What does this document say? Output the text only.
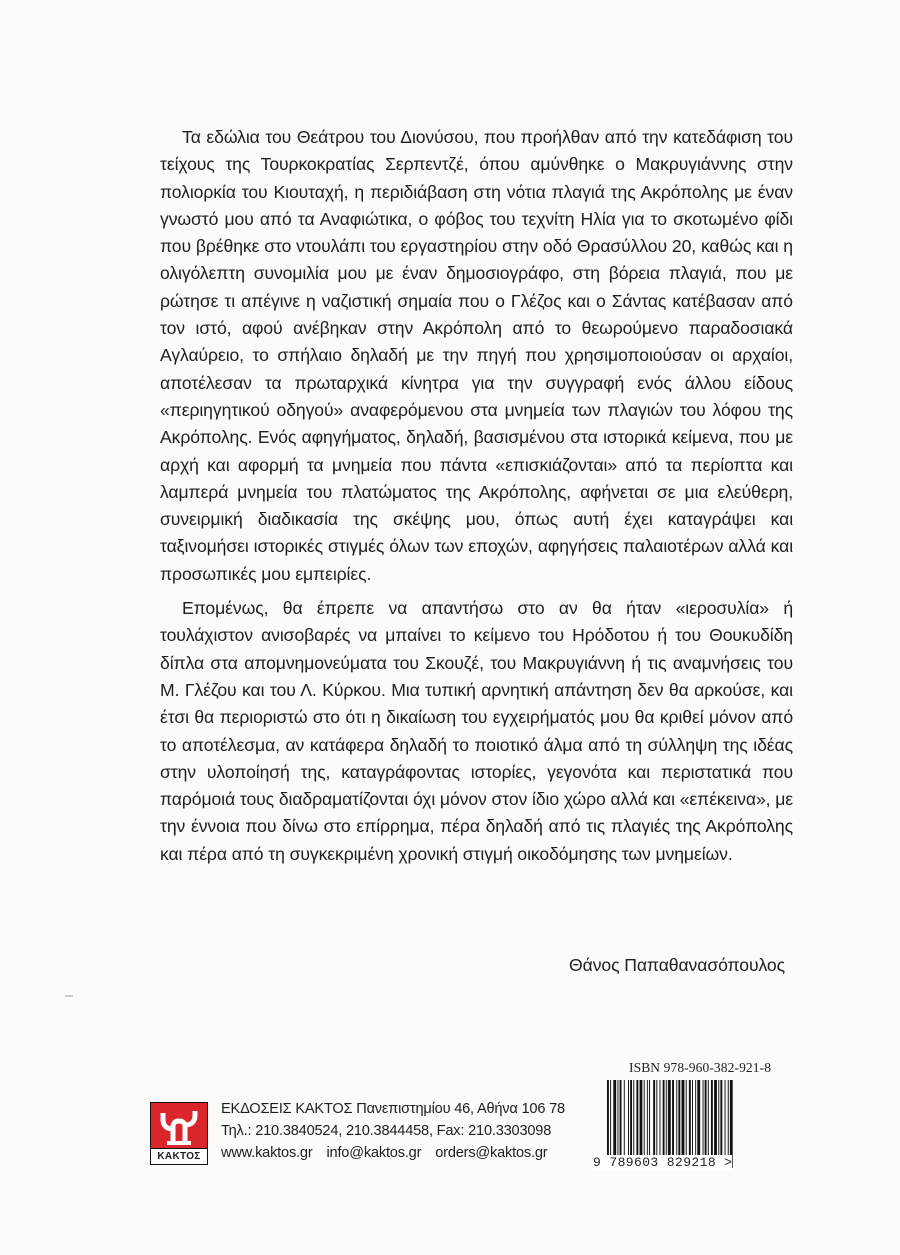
Τα εδώλια του Θεάτρου του Διονύσου, που προήλθαν από την κατεδάφιση του τείχους της Τουρκοκρατίας Σερπεντζέ, όπου αμύνθηκε ο Μακρυγιάννης στην πολιορκία του Κιουταχή, η περιδιάβαση στη νότια πλαγιά της Ακρόπολης με έναν γνωστό μου από τα Αναφιώτικα, ο φόβος του τεχνίτη Ηλία για το σκοτωμένο φίδι που βρέθηκε στο ντουλάπι του εργαστηρίου στην οδό Θρασύλλου 20, καθώς και η ολιγόλεπτη συνομιλία μου με έναν δημοσιογράφο, στη βόρεια πλαγιά, που με ρώτησε τι απέγινε η ναζιστική σημαία που ο Γλέζος και ο Σάντας κατέβασαν από τον ιστό, αφού ανέβηκαν στην Ακρόπολη από το θεωρούμενο παραδοσιακά Αγλαύρειο, το σπήλαιο δηλαδή με την πηγή που χρησιμοποιούσαν οι αρχαίοι, αποτέλεσαν τα πρωταρχικά κίνητρα για την συγγραφή ενός άλλου είδους «περιηγητικού οδηγού» αναφερόμενου στα μνημεία των πλαγιών του λόφου της Ακρόπολης. Ενός αφηγήματος, δηλαδή, βασισμένου στα ιστορικά κείμενα, που με αρχή και αφορμή τα μνημεία που πάντα «επισκιάζονται» από τα περίοπτα και λαμπερά μνημεία του πλατώματος της Ακρόπολης, αφήνεται σε μια ελεύθερη, συνειρμική διαδικασία της σκέψης μου, όπως αυτή έχει καταγράψει και ταξινομήσει ιστορικές στιγμές όλων των εποχών, αφηγήσεις παλαιοτέρων αλλά και προσωπικές μου εμπειρίες.

Επομένως, θα έπρεπε να απαντήσω στο αν θα ήταν «ιεροσυλία» ή τουλάχιστον ανισοβαρές να μπαίνει το κείμενο του Ηρόδοτου ή του Θουκυδίδη δίπλα στα απομνημονεύματα του Σκουζέ, του Μακρυγιάννη ή τις αναμνήσεις του Μ. Γλέζου και του Λ. Κύρκου. Μια τυπική αρνητική απάντηση δεν θα αρκούσε, και έτσι θα περιοριστώ στο ότι η δικαίωση του εγχειρήματός μου θα κριθεί μόνον από το αποτέλεσμα, αν κατάφερα δηλαδή το ποιοτικό άλμα από τη σύλληψη της ιδέας στην υλοποίησή της, καταγράφοντας ιστορίες, γεγονότα και περιστατικά που παρόμοιά τους διαδραματίζονται όχι μόνον στον ίδιο χώρο αλλά και «επέκεινα», με την έννοια που δίνω στο επίρρημα, πέρα δηλαδή από τις πλαγιές της Ακρόπολης και πέρα από τη συγκεκριμένη χρονική στιγμή οικοδόμησης των μνημείων.

Θάνος Παπαθανασόπουλος
ΚΑΚΤΟΣ
ΕΚΔΟΣΕΙΣ ΚΑΚΤΟΣ Πανεπιστημίου 46, Αθήνα 106 78
Τηλ.: 210.3840524, 210.3844458, Fax: 210.3303098
www.kaktos.gr info@kaktos.gr orders@kaktos.gr
ISBN 978-960-382-921-8
9 789603 829218 >
